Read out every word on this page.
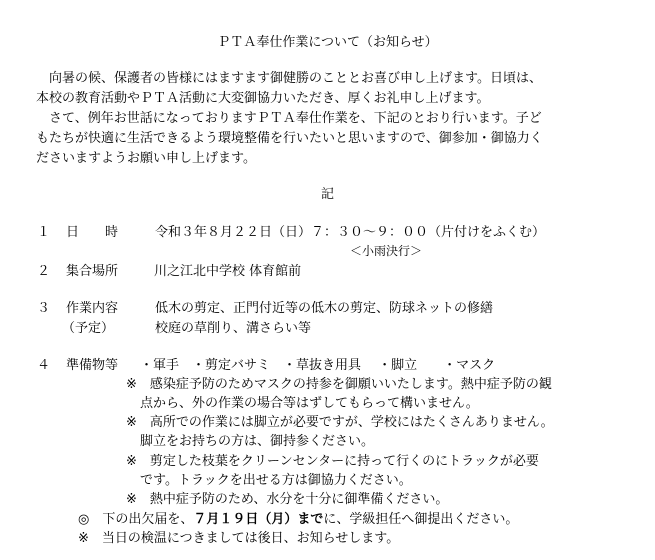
ＰＴＡ奉仕作業について（お知らせ）
　向暑の候、保護者の皆様にはますます御健勝のこととお喜び申し上げます。日頃は、
本校の教育活動やＰＴＡ活動に大変御協力いただき、厚くお礼申し上げます。
　さて、例年お世話になっておりますＰＴＡ奉仕作業を、下記のとおり行います。子ど
もたちが快適に生活できるよう環境整備を行いたいと思いますので、御参加・御協力く
ださいますようお願い申し上げます。
記
１ 日　　時	令和３年８月２２日（日）７：３０～９：００（片付けをふくむ）
＜小雨決行＞
２ 集合場所	川之江北中学校 体育館前
３ 作業内容	低木の剪定、正門付近等の低木の剪定、防球ネットの修繕
（予定）	校庭の草削り、溝さらい等
４ 準備物等 ・軍手　・剪定バサミ　・草抜き用具　 ・脚立　　・マスク
※　感染症予防のためマスクの持参を御願いいたします。熱中症予防の観
点から、外の作業の場合等はずしてもらって構いません。
※　高所での作業には脚立が必要ですが、学校にはたくさんありません。
脚立をお持ちの方は、御持参ください。
※　剪定した枝葉をクリーンセンターに持って行くのにトラックが必要
です。トラックを出せる方は御協力ください。
※　熱中症予防のため、水分を十分に御準備ください。
◎　下の出欠届を、７月１９日（月）までに、学級担任へ御提出ください。
※　当日の検温につきましては後日、お知らせします。
